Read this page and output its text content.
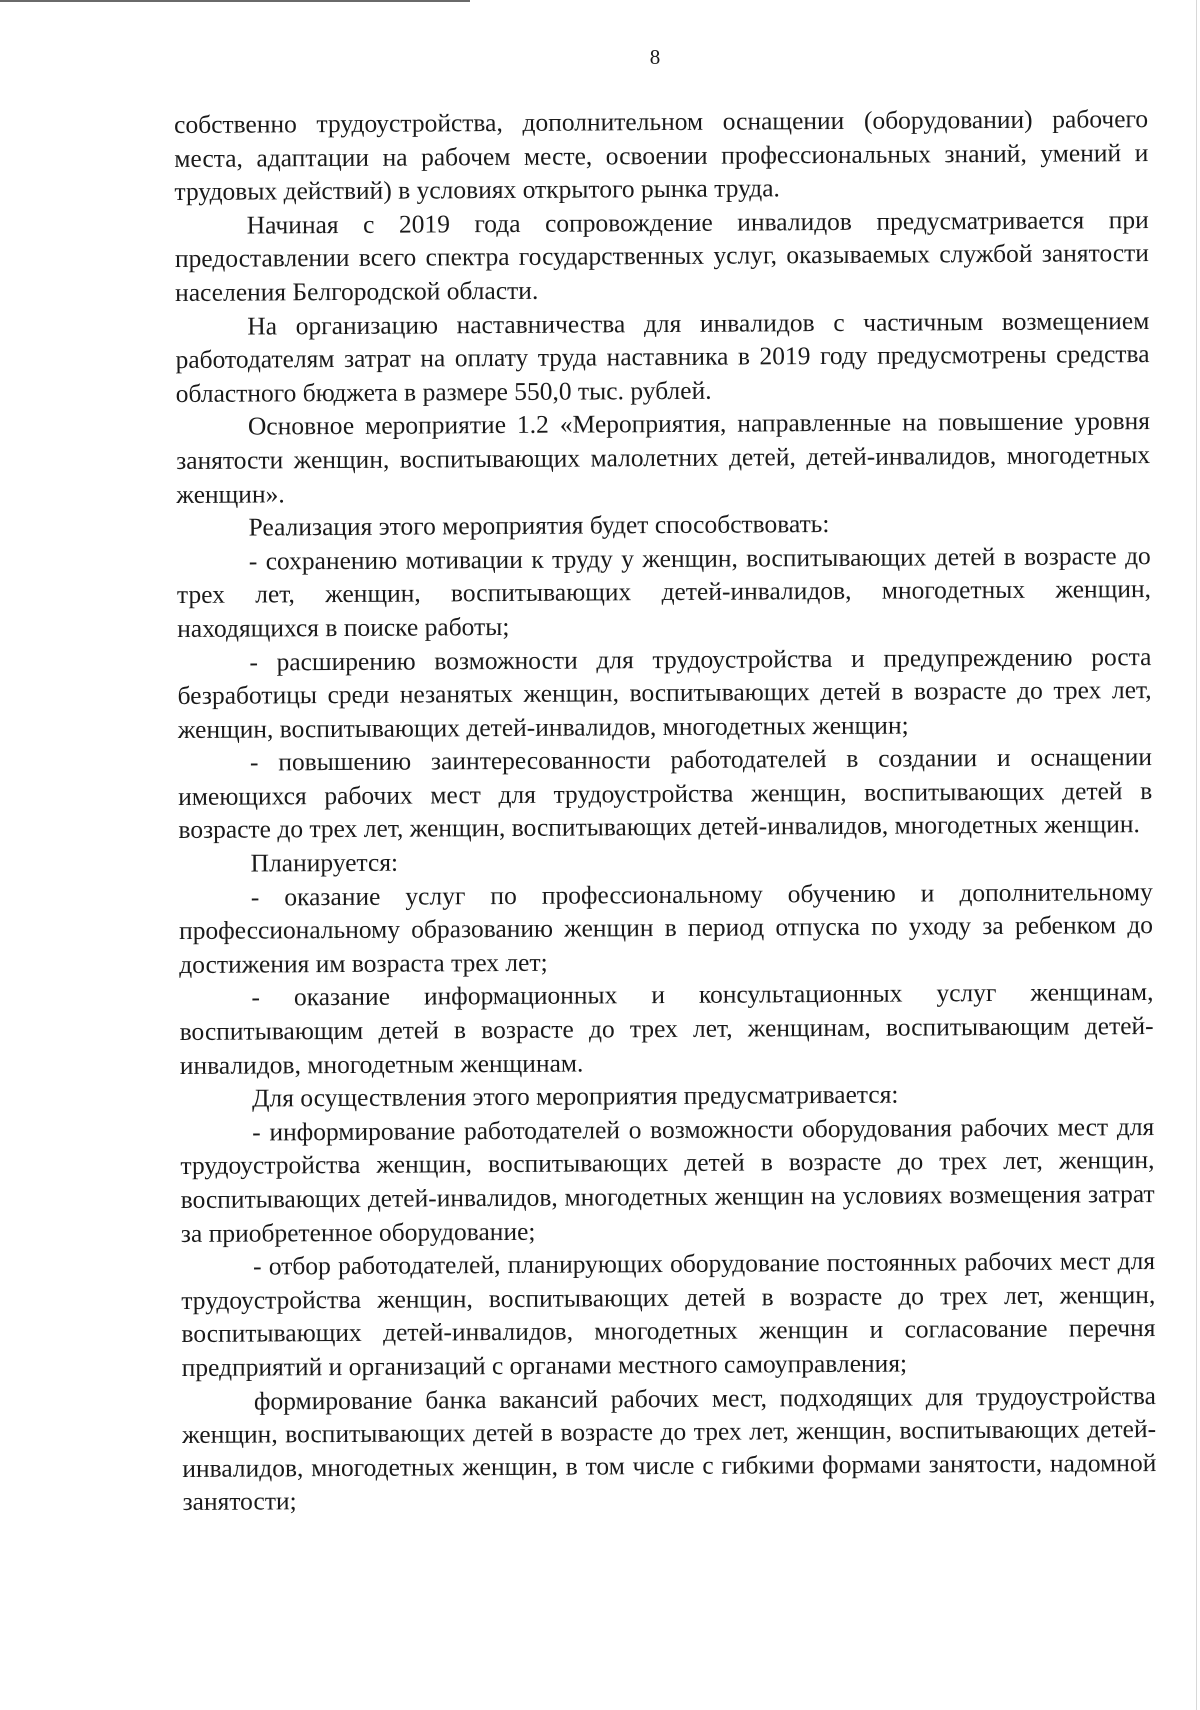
8

собственно трудоустройства, дополнительном оснащении (оборудовании) рабочего места, адаптации на рабочем месте, освоении профессиональных знаний, умений и трудовых действий) в условиях открытого рынка труда.

Начиная с 2019 года сопровождение инвалидов предусматривается при предоставлении всего спектра государственных услуг, оказываемых службой занятости населения Белгородской области.

На организацию наставничества для инвалидов с частичным возмещением работодателям затрат на оплату труда наставника в 2019 году предусмотрены средства областного бюджета в размере 550,0 тыс. рублей.

Основное мероприятие 1.2 «Мероприятия, направленные на повышение уровня занятости женщин, воспитывающих малолетних детей, детей-инвалидов, многодетных женщин».

Реализация этого мероприятия будет способствовать:

- сохранению мотивации к труду у женщин, воспитывающих детей в возрасте до трех лет, женщин, воспитывающих детей-инвалидов, многодетных женщин, находящихся в поиске работы;

- расширению возможности для трудоустройства и предупреждению роста безработицы среди незанятых женщин, воспитывающих детей в возрасте до трех лет, женщин, воспитывающих детей-инвалидов, многодетных женщин;

- повышению заинтересованности работодателей в создании и оснащении имеющихся рабочих мест для трудоустройства женщин, воспитывающих детей в возрасте до трех лет, женщин, воспитывающих детей-инвалидов, многодетных женщин.

Планируется:

- оказание услуг по профессиональному обучению и дополнительному профессиональному образованию женщин в период отпуска по уходу за ребенком до достижения им возраста трех лет;

- оказание информационных и консультационных услуг женщинам, воспитывающим детей в возрасте до трех лет, женщинам, воспитывающим детей-инвалидов, многодетным женщинам.

Для осуществления этого мероприятия предусматривается:

- информирование работодателей о возможности оборудования рабочих мест для трудоустройства женщин, воспитывающих детей в возрасте до трех лет, женщин, воспитывающих детей-инвалидов, многодетных женщин на условиях возмещения затрат за приобретенное оборудование;

- отбор работодателей, планирующих оборудование постоянных рабочих мест для трудоустройства женщин, воспитывающих детей в возрасте до трех лет, женщин, воспитывающих детей-инвалидов, многодетных женщин и согласование перечня предприятий и организаций с органами местного самоуправления;

формирование банка вакансий рабочих мест, подходящих для трудоустройства женщин, воспитывающих детей в возрасте до трех лет, женщин, воспитывающих детей-инвалидов, многодетных женщин, в том числе с гибкими формами занятости, надомной занятости;
